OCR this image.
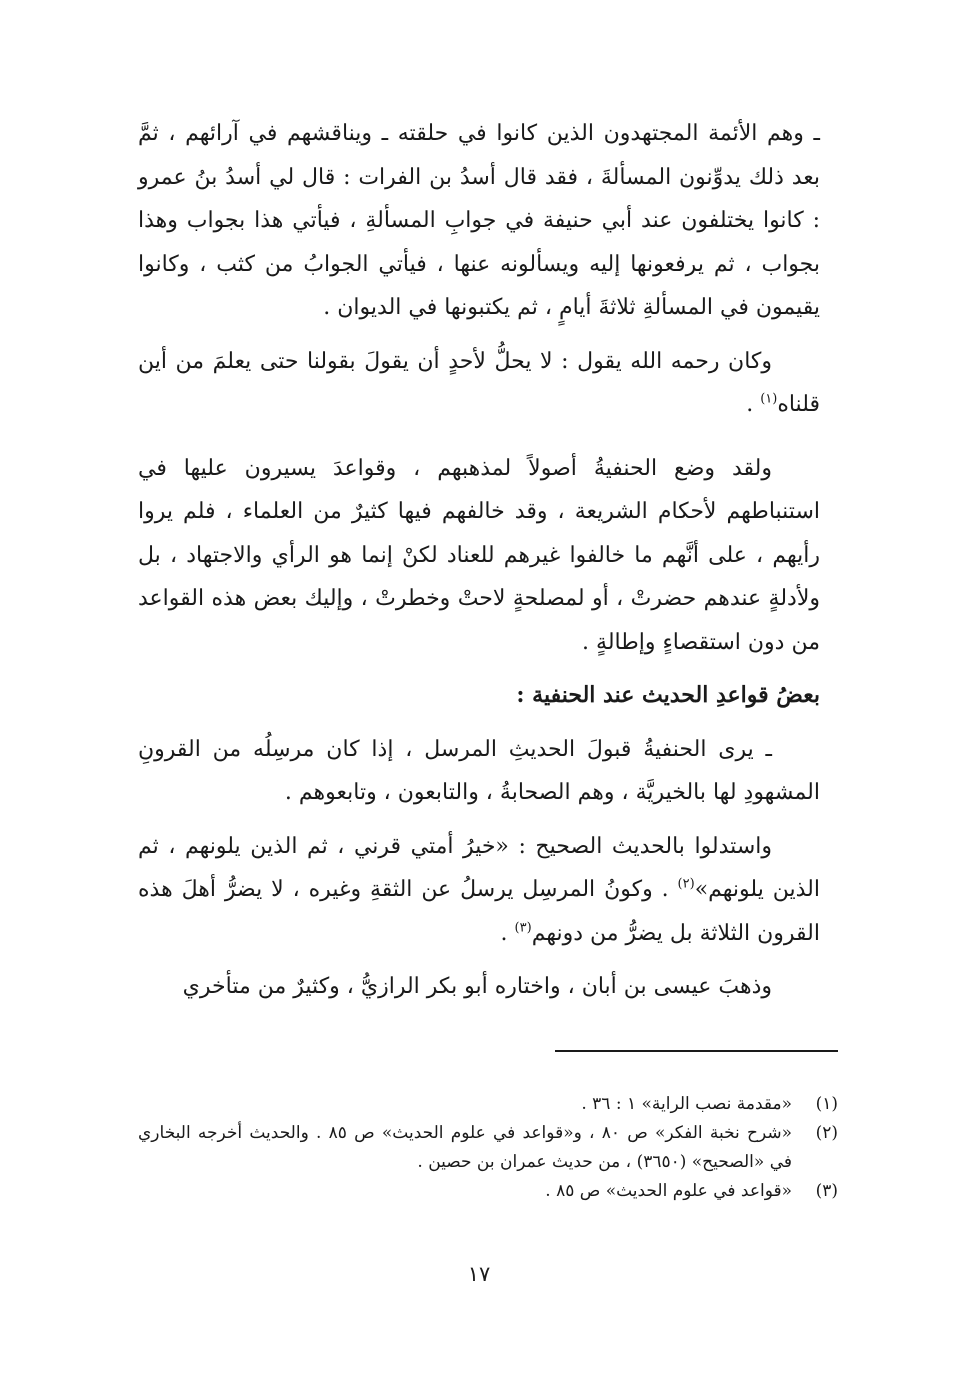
ـ وهم الأئمة المجتهدون الذين كانوا في حلقته ـ ويناقشهم في آرائهم ، ثمَّ بعد ذلك يدوِّنون المسألةَ ، فقد قال أسدُ بن الفرات : قال لي أسدُ بنُ عمرو : كانوا يختلفون عند أبي حنيفة في جوابِ المسألةِ ، فيأتي هذا بجواب وهذا بجواب ، ثم يرفعونها إليه ويسألونه عنها ، فيأتي الجوابُ من كثب ، وكانوا يقيمون في المسألةِ ثلاثةَ أيامٍ ، ثم يكتبونها في الديوان .

وكان رحمه الله يقول : لا يحلُّ لأحدٍ أن يقولَ بقولنا حتى يعلمَ من أين قلناه$^{(١)}$ .

ولقد وضع الحنفيةُ أصولاً لمذهبهم ، وقواعدَ يسيرون عليها في استنباطهم لأحكام الشريعة ، وقد خالفهم فيها كثيرٌ من العلماء ، فلم يروا رأيهم ، على أنَّهم ما خالفوا غيرهم للعناد لكنْ إنما هو الرأي والاجتهاد ، بل ولأدلةٍ عندهم حضرتْ ، أو لمصلحةٍ لاحتْ وخطرتْ ، وإليك بعض هذه القواعد من دون استقصاءٍ وإطالةٍ .

بعضُ قواعدِ الحديث عند الحنفية :

ـ يرى الحنفيةُ قبولَ الحديثِ المرسل ، إذا كان مرسِلُه من القرونِ المشهودِ لها بالخيريَّة ، وهم الصحابةُ ، والتابعون ، وتابعوهم .

واستدلوا بالحديث الصحيح : «خيرُ أمتي قرني ، ثم الذين يلونهم ، ثم الذين يلونهم»$^{(٢)}$ . وكونُ المرسِل يرسلُ عن الثقةِ وغيره ، لا يضرُّ أهلَ هذه القرون الثلاثة بل يضرُّ من دونهم$^{(٣)}$ .

وذهبَ عيسى بن أبان ، واختاره أبو بكر الرازيُّ ، وكثيرٌ من متأخري

(١)
«مقدمة نصب الراية» ١ : ٣٦ .
(٢)
«شرح نخبة الفكر» ص ٨٠ ، و«قواعد في علوم الحديث» ص ٨٥ . والحديث أخرجه البخاري في «الصحيح» (٣٦٥٠) ، من حديث عمران بن حصين .
(٣)
«قواعد في علوم الحديث» ص ٨٥ .
١٧
